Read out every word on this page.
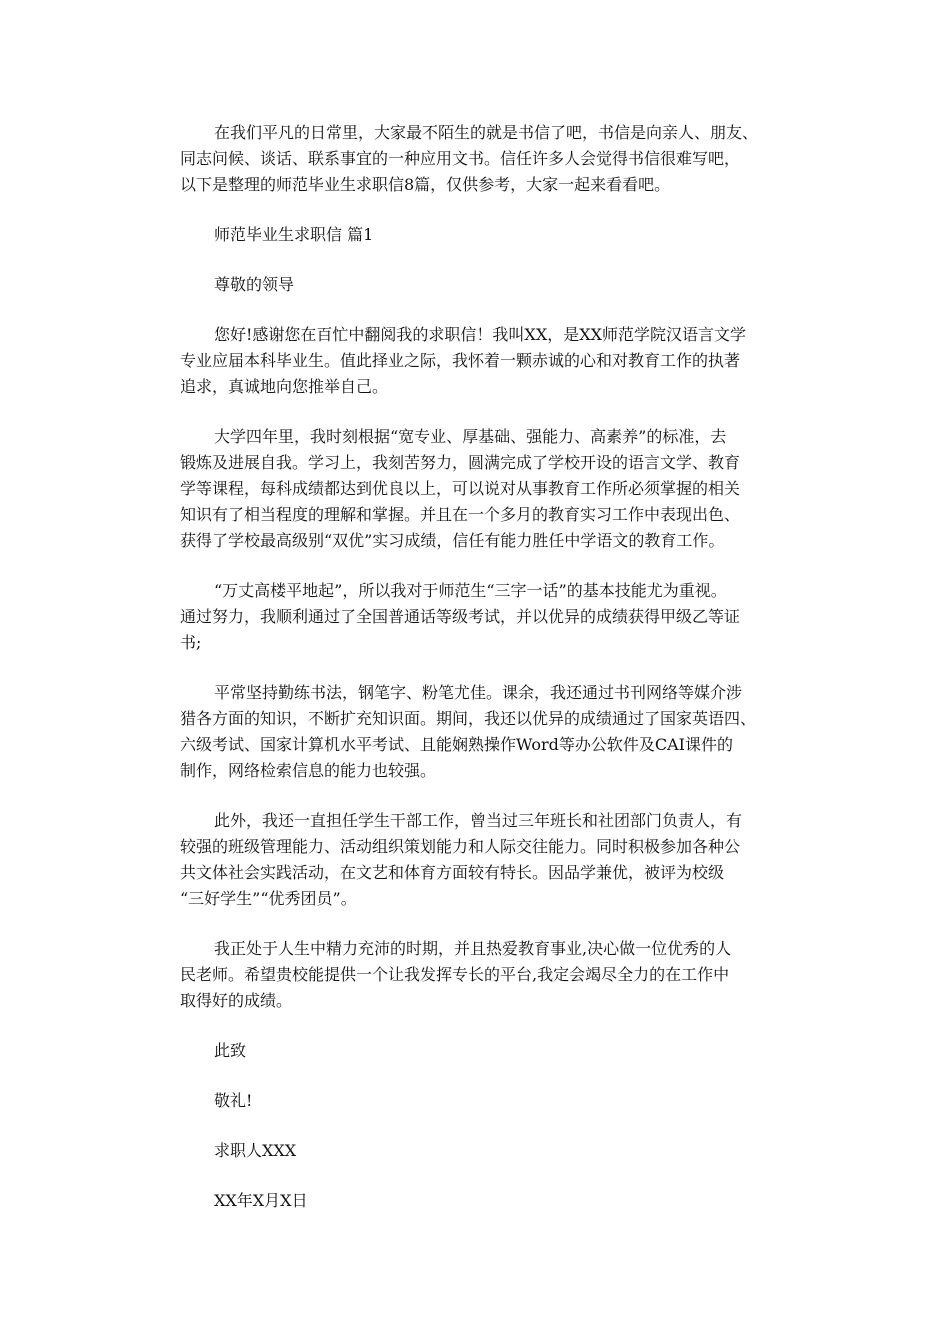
在我们平凡的日常里，大家最不陌生的就是书信了吧，书信是向亲人、朋友、
同志问候、谈话、联系事宜的一种应用文书。信任许多人会觉得书信很难写吧，
以下是整理的师范毕业生求职信8篇，仅供参考，大家一起来看看吧。
师范毕业生求职信 篇1
尊敬的领导
您好!感谢您在百忙中翻阅我的求职信！我叫XX，是XX师范学院汉语言文学
专业应届本科毕业生。值此择业之际，我怀着一颗赤诚的心和对教育工作的执著
追求，真诚地向您推举自己。
大学四年里，我时刻根据“宽专业、厚基础、强能力、高素养”的标准，去
锻炼及进展自我。学习上，我刻苦努力，圆满完成了学校开设的语言文学、教育
学等课程，每科成绩都达到优良以上，可以说对从事教育工作所必须掌握的相关
知识有了相当程度的理解和掌握。并且在一个多月的教育实习工作中表现出色、
获得了学校最高级别“双优”实习成绩，信任有能力胜任中学语文的教育工作。
“万丈高楼平地起”，所以我对于师范生“三字一话”的基本技能尤为重视。
通过努力，我顺利通过了全国普通话等级考试，并以优异的成绩获得甲级乙等证
书;
平常坚持勤练书法，钢笔字、粉笔尤佳。课余，我还通过书刊网络等媒介涉
猎各方面的知识，不断扩充知识面。期间，我还以优异的成绩通过了国家英语四、
六级考试、国家计算机水平考试、且能娴熟操作Word等办公软件及CAI课件的
制作，网络检索信息的能力也较强。
此外，我还一直担任学生干部工作，曾当过三年班长和社团部门负责人，有
较强的班级管理能力、活动组织策划能力和人际交往能力。同时积极参加各种公
共文体社会实践活动，在文艺和体育方面较有特长。因品学兼优，被评为校级
“三好学生”“优秀团员”。
我正处于人生中精力充沛的时期，并且热爱教育事业,决心做一位优秀的人
民老师。希望贵校能提供一个让我发挥专长的平台,我定会竭尽全力的在工作中
取得好的成绩。
此致
敬礼!
求职人XXX
XX年X月X日
